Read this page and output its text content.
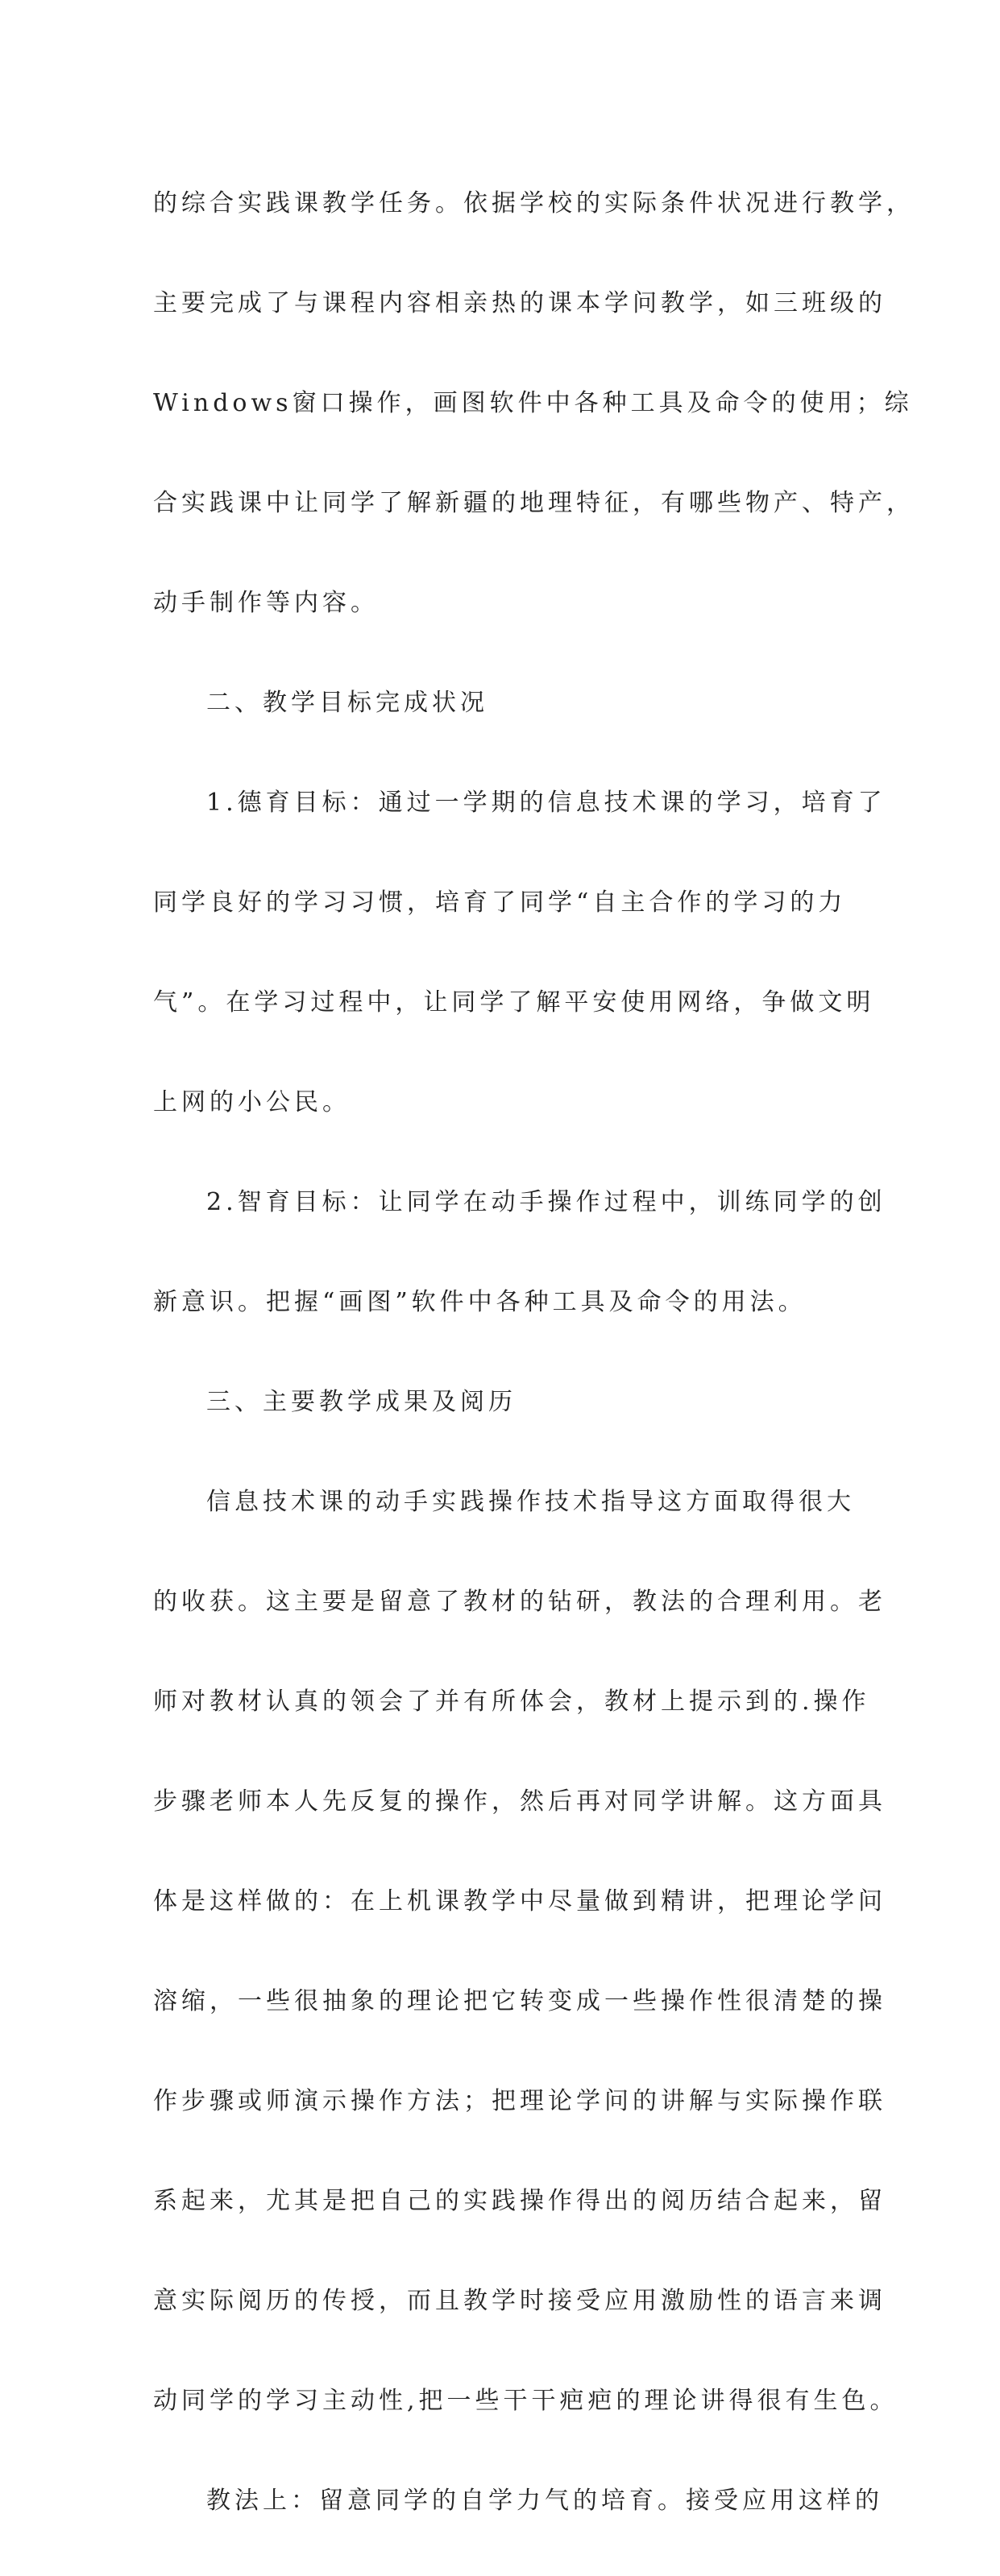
的综合实践课教学任务。依据学校的实际条件状况进行教学，

主要完成了与课程内容相亲热的课本学问教学，如三班级的

Windows窗口操作，画图软件中各种工具及命令的使用；综

合实践课中让同学了解新疆的地理特征，有哪些物产、特产，

动手制作等内容。

二、教学目标完成状况

1.德育目标：通过一学期的信息技术课的学习，培育了

同学良好的学习习惯，培育了同学“自主合作的学习的力

气”。在学习过程中，让同学了解平安使用网络，争做文明

上网的小公民。

2.智育目标：让同学在动手操作过程中，训练同学的创

新意识。把握“画图”软件中各种工具及命令的用法。

三、主要教学成果及阅历

信息技术课的动手实践操作技术指导这方面取得很大

的收获。这主要是留意了教材的钻研，教法的合理利用。老

师对教材认真的领会了并有所体会，教材上提示到的.操作

步骤老师本人先反复的操作，然后再对同学讲解。这方面具

体是这样做的：在上机课教学中尽量做到精讲，把理论学问

溶缩，一些很抽象的理论把它转变成一些操作性很清楚的操

作步骤或师演示操作方法；把理论学问的讲解与实际操作联

系起来，尤其是把自己的实践操作得出的阅历结合起来，留

意实际阅历的传授，而且教学时接受应用激励性的语言来调

动同学的学习主动性,把一些干干疤疤的理论讲得很有生色。

教法上：留意同学的自学力气的培育。接受应用这样的
